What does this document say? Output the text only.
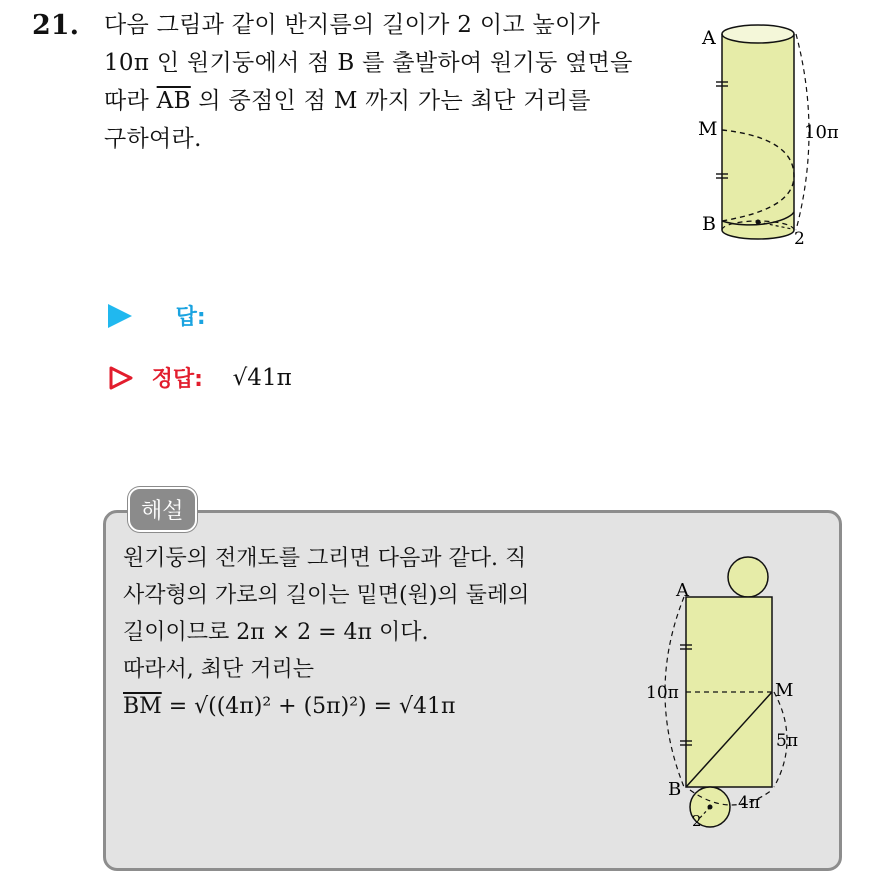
21. 다음 그림과 같이 반지름의 길이가 2 이고 높이가
10π 인 원기둥에서 점 B 를 출발하여 원기둥 옆면을
따라 $\overline{AB}$ 의 중점인 점 M 까지 가는 최단 거리를
구하여라.
A
M
B
10π
2
답:
정답: √41π
해설
원기둥의 전개도를 그리면 다음과 같다. 직
사각형의 가로의 길이는 밑면(원)의 둘레의
길이이므로 2π × 2 = 4π 이다.
따라서, 최단 거리는
$\overline{BM} = √((4\pi)^2 + (5\pi)^2) = √41\pi$
A
M
B
10π
5π
4π
2
